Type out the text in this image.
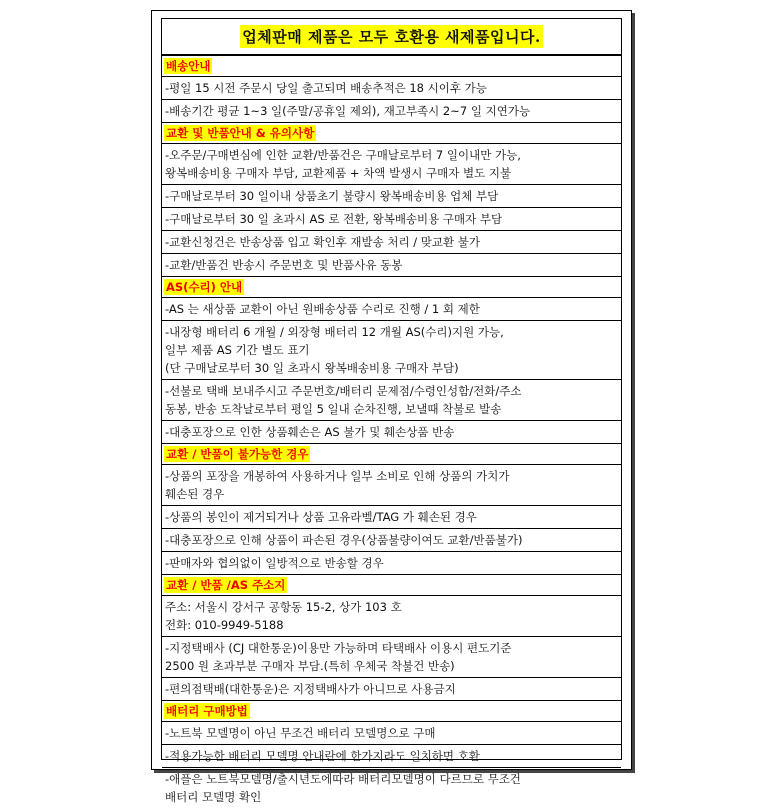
업체판매 제품은 모두 호환용 새제품입니다.
배송안내
-평일 15 시전 주문시 당일 출고되며 배송추적은 18 시이후 가능
-배송기간 평균 1~3 일(주말/공휴일 제외), 재고부족시 2~7 일 지연가능
교환 및 반품안내 & 유의사항
-오주문/구매변심에 인한 교환/반품건은 구매날로부터 7 일이내만 가능,
왕복배송비용 구매자 부담, 교환제품 + 차액 발생시 구매자 별도 지불
-구매날로부터 30 일이내 상품초기 불량시 왕복배송비용 업체 부담
-구매날로부터 30 일 초과시 AS 로 전환, 왕복배송비용 구매자 부담
-교환신청건은 반송상품 입고 확인후 재발송 처리 / 맞교환 불가
-교환/반품건 반송시 주문번호 및 반품사유 동봉
AS(수리) 안내
-AS 는 새상품 교환이 아닌 원배송상품 수리로 진행 / 1 회 제한
-내장형 배터리 6 개월 / 외장형 배터리 12 개월 AS(수리)지원 가능,
일부 제품 AS 기간 별도 표기
(단 구매날로부터 30 일 초과시 왕복배송비용 구매자 부담)
-선불로 택배 보내주시고 주문번호/배터리 문제점/수령인성함/전화/주소
동봉, 반송 도착날로부터 평일 5 일내 순차진행, 보낼때 착불로 발송
-대충포장으로 인한 상품훼손은 AS 불가 및 훼손상품 반송
교환 / 반품이 불가능한 경우
-상품의 포장을 개봉하여 사용하거나 일부 소비로 인해 상품의 가치가
훼손된 경우
-상품의 봉인이 제거되거나 상품 고유라벨/TAG 가 훼손된 경우
-대충포장으로 인해 상품이 파손된 경우(상품불량이여도 교환/반품불가)
-판매자와 협의없이 일방적으로 반송할 경우
교환 / 반품 /AS 주소지
주소: 서울시 강서구 공항동 15-2, 상가 103 호
전화: 010-9949-5188
-지정택배사 (CJ 대한통운)이용만 가능하며 타택배사 이용시 편도기준
2500 원 초과부분 구매자 부담.(특히 우체국 착불건 반송)
-편의점택배(대한통운)은 지정택배사가 아니므로 사용금지
배터리 구매방법
-노트북 모델명이 아닌 무조건 배터리 모델명으로 구매
-적용가능한 배터리 모델명 안내란에 한가지라도 일치하면 호환
-애플은 노트북모델명/출시년도에따라 배터리모델명이 다르므로 무조건
배터리 모델명 확인
